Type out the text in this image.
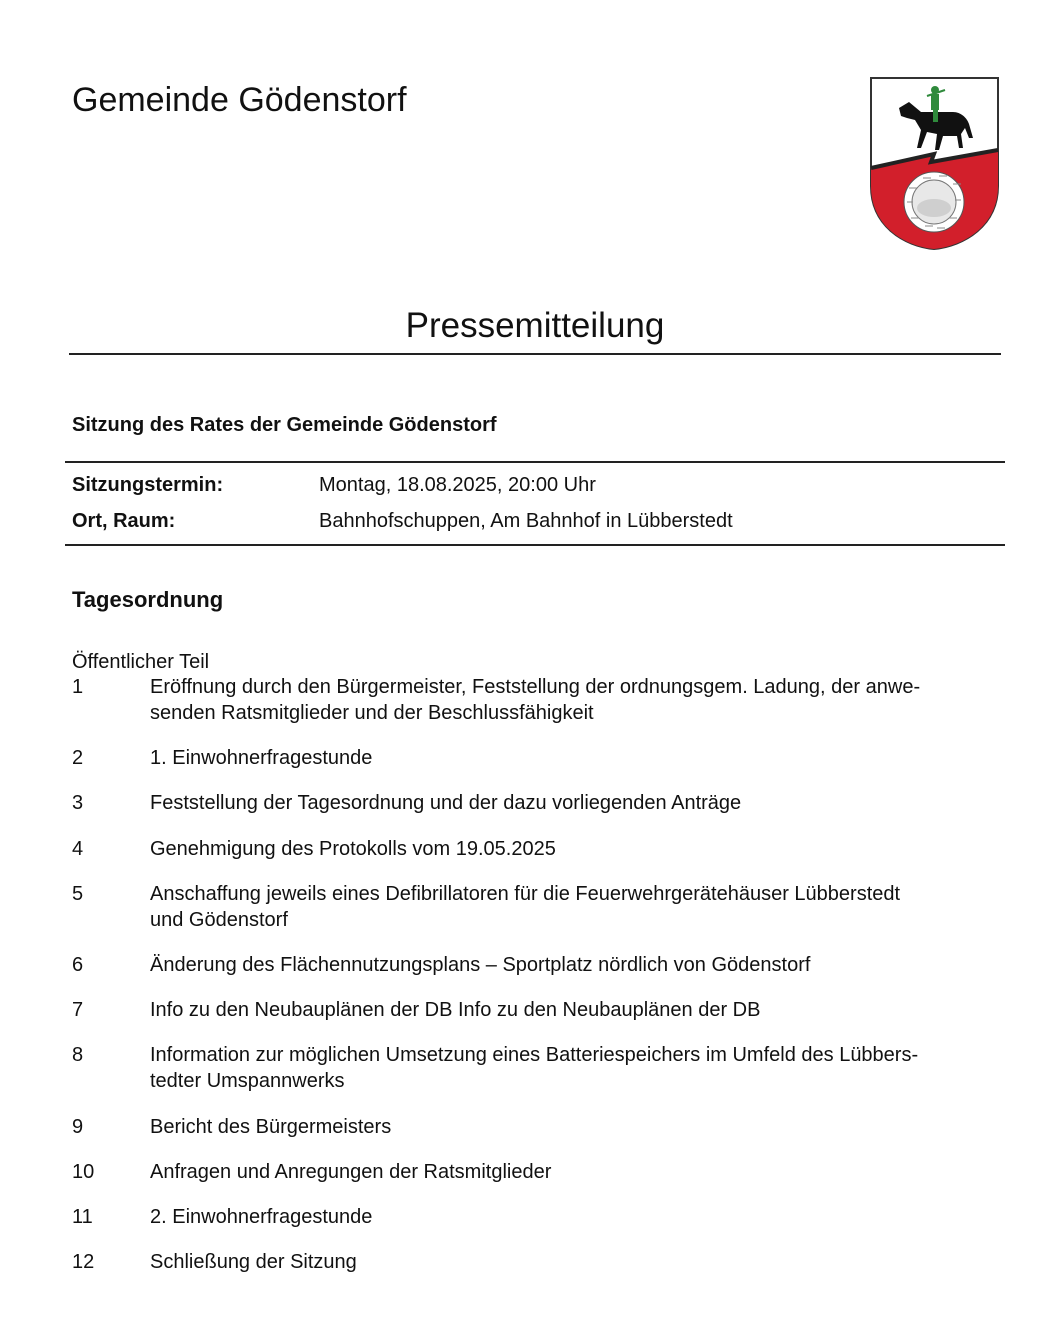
Gemeinde Gödenstorf
Pressemitteilung
Sitzung des Rates der Gemeinde Gödenstorf
Sitzungstermin:	Montag, 18.08.2025, 20:00 Uhr
Ort, Raum:	Bahnhofschuppen, Am Bahnhof in Lübberstedt
Tagesordnung
Öffentlicher Teil
1	Eröffnung durch den Bürgermeister, Feststellung der ordnungsgem. Ladung, der anwe-
senden Ratsmitglieder und der Beschlussfähigkeit
2	1. Einwohnerfragestunde
3	Feststellung der Tagesordnung und der dazu vorliegenden Anträge
4	Genehmigung des Protokolls vom 19.05.2025
5	Anschaffung jeweils eines Defibrillatoren für die Feuerwehrgerätehäuser Lübberstedt
und Gödenstorf
6	Änderung des Flächennutzungsplans – Sportplatz nördlich von Gödenstorf
7	Info zu den Neubauplänen der DB Info zu den Neubauplänen der DB
8	Information zur möglichen Umsetzung eines Batteriespeichers im Umfeld des Lübbers-
tedter Umspannwerks
9	Bericht des Bürgermeisters
10	Anfragen und Anregungen der Ratsmitglieder
11	2. Einwohnerfragestunde
12	Schließung der Sitzung
